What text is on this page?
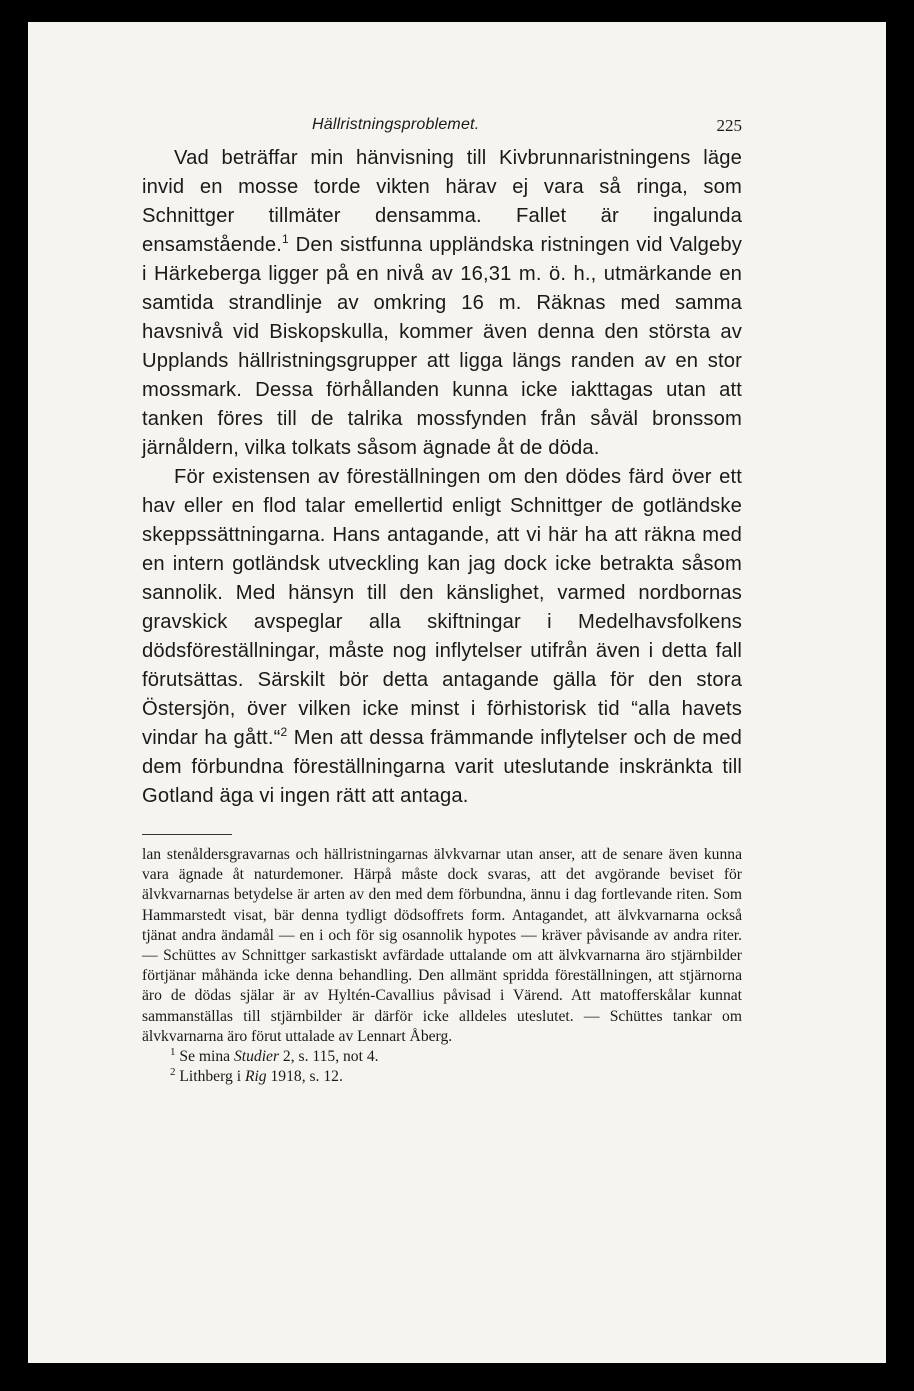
Hällristningsproblemet.	225

Vad beträffar min hänvisning till Kivbrunnaristningens läge invid en mosse torde vikten härav ej vara så ringa, som Schnittger tillmäter densamma. Fallet är ingalunda ensamstående.$^1$ Den sistfunna uppländska ristningen vid Valgeby i Härkeberga ligger på en nivå av 16,31 m. ö. h., utmärkande en samtida strandlinje av omkring 16 m. Räknas med samma havsnivå vid Biskopskulla, kommer även denna den största av Upplands hällristningsgrupper att ligga längs randen av en stor mossmark. Dessa förhållanden kunna icke iakttagas utan att tanken föres till de talrika mossfynden från såväl bronssom järnåldern, vilka tolkats såsom ägnade åt de döda.

För existensen av föreställningen om den dödes färd över ett hav eller en flod talar emellertid enligt Schnittger de gotländske skeppssättningarna. Hans antagande, att vi här ha att räkna med en intern gotländsk utveckling kan jag dock icke betrakta såsom sannolik. Med hänsyn till den känslighet, varmed nordbornas gravskick avspeglar alla skiftningar i Medelhavsfolkens dödsföreställningar, måste nog inflytelser utifrån även i detta fall förutsättas. Särskilt bör detta antagande gälla för den stora Östersjön, över vilken icke minst i förhistorisk tid “alla havets vindar ha gått.“$^2$ Men att dessa främmande inflytelser och de med dem förbundna föreställningarna varit uteslutande inskränkta till Gotland äga vi ingen rätt att antaga.

lan stenåldersgravarnas och hällristningarnas älvkvarnar utan anser, att de senare även kunna vara ägnade åt naturdemoner. Härpå måste dock svaras, att det avgörande beviset för älvkvarnarnas betydelse är arten av den med dem förbundna, ännu i dag fortlevande riten. Som Hammarstedt visat, bär denna tydligt dödsoffrets form. Antagandet, att älvkvarnarna också tjänat andra ändamål — en i och för sig osannolik hypotes — kräver påvisande av andra riter. — Schüttes av Schnittger sarkastiskt avfärdade uttalande om att älvkvarnarna äro stjärnbilder förtjänar måhända icke denna behandling. Den allmänt spridda föreställningen, att stjärnorna äro de dödas själar är av Hyltén-Cavallius påvisad i Värend. Att matofferskålar kunnat sammanställas till stjärnbilder är därför icke alldeles uteslutet. — Schüttes tankar om älvkvarnarna äro förut uttalade av Lennart Åberg.

$^1$ Se mina Studier 2, s. 115, not 4.

$^2$ Lithberg i Rig 1918, s. 12.
